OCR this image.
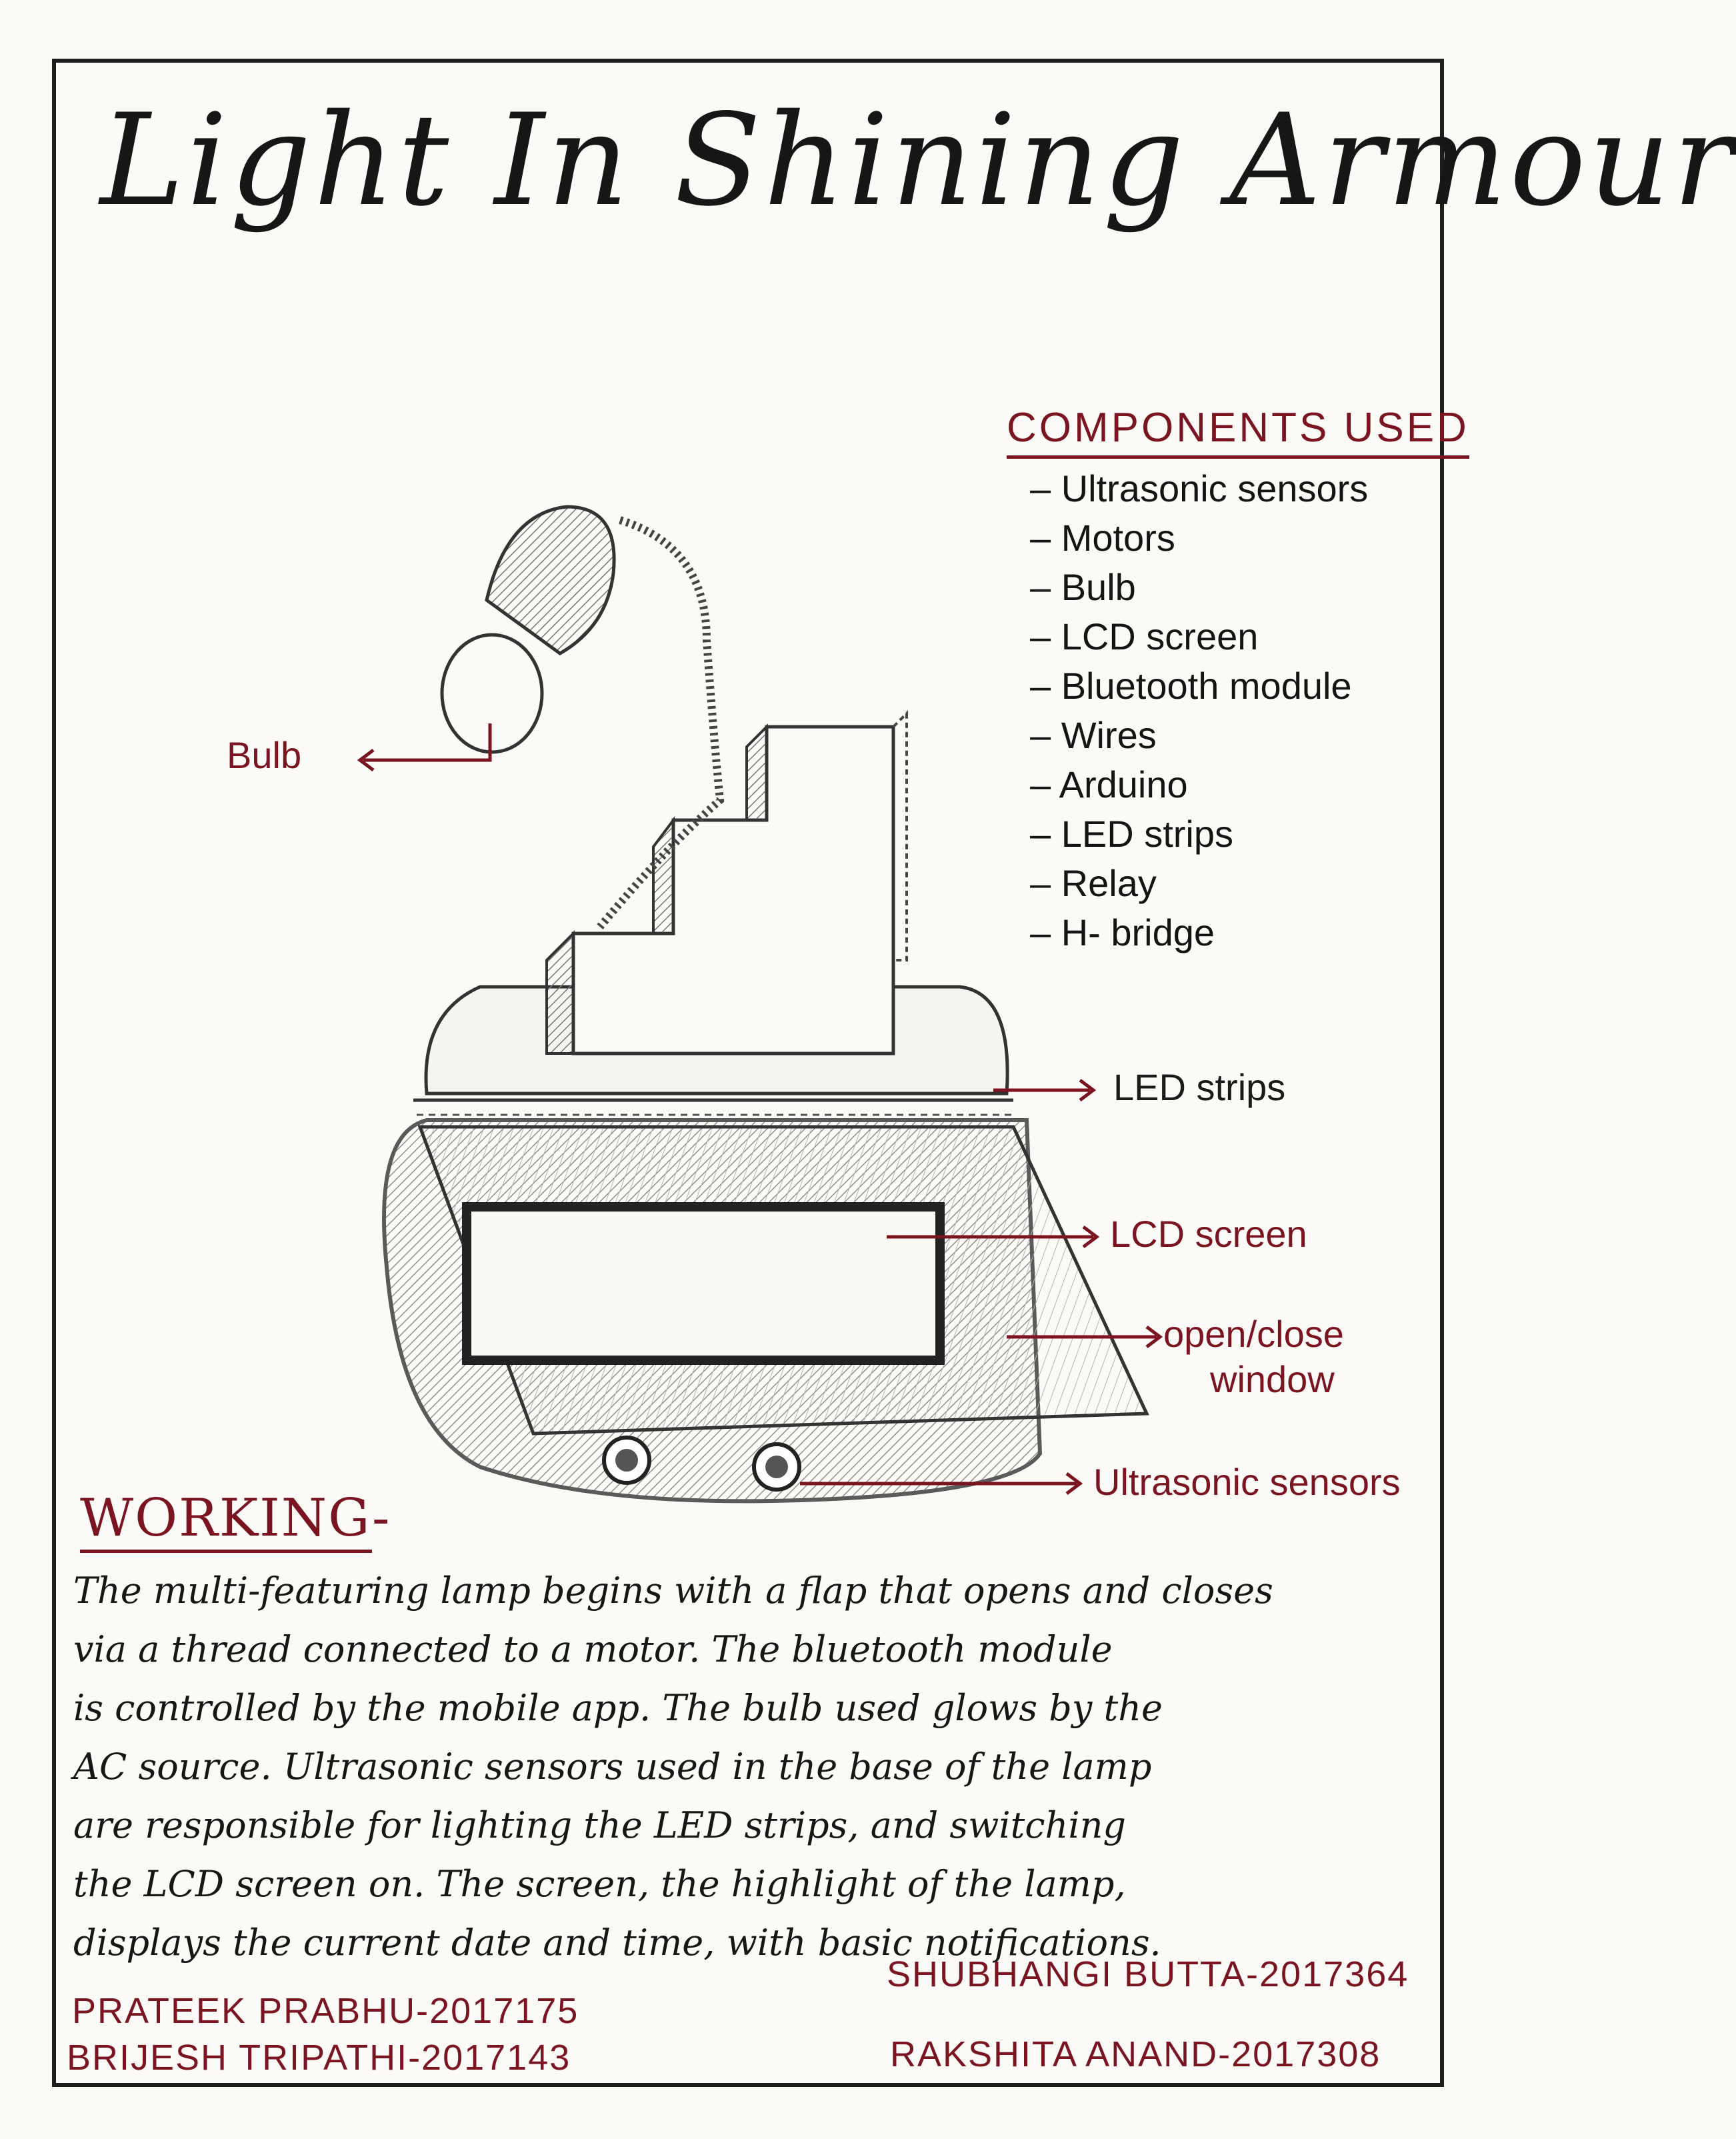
Light In Shining Armour
COMPONENTS USED
– Ultrasonic sensors
– Motors
– Bulb
– LCD screen
– Bluetooth module
– Wires
– Arduino
– LED strips
– Relay
– H- bridge
Bulb
LED strips
LCD screen
open/close
window
Ultrasonic sensors
WORKING-
The multi-featuring lamp begins with a flap that opens and closes
via a thread connected to a motor. The bluetooth module
is controlled by the mobile app. The bulb used glows by the
AC source. Ultrasonic sensors used in the base of the lamp
are responsible for lighting the LED strips, and switching
the LCD screen on. The screen, the highlight of the lamp,
displays the current date and time, with basic notifications.
PRATEEK PRABHU-2017175
BRIJESH TRIPATHI-2017143
SHUBHANGI BUTTA-2017364
RAKSHITA ANAND-2017308
